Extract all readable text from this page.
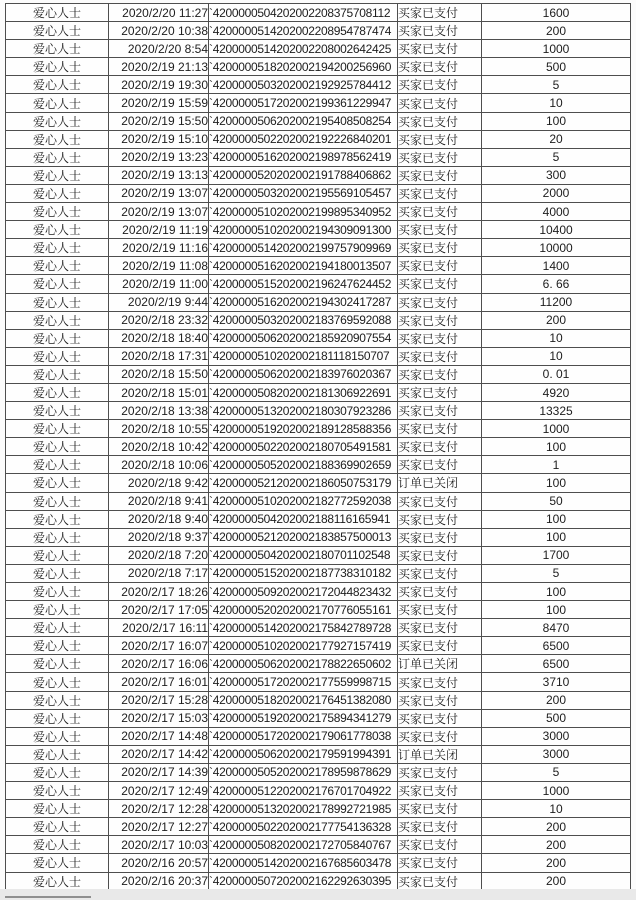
爱心人士	2020/2/20 11:27	`4200000504202002208375708112	买家已支付	1600
爱心人士	2020/2/20 10:38	`4200000514202002208954787474	买家已支付	200
爱心人士	2020/2/20 8:54	`4200000514202002208002642425	买家已支付	1000
爱心人士	2020/2/19 21:13	`4200000518202002194200256960	买家已支付	500
爱心人士	2020/2/19 19:30	`4200000503202002192925784412	买家已支付	5
爱心人士	2020/2/19 15:59	`4200000517202002199361229947	买家已支付	10
爱心人士	2020/2/19 15:50	`4200000506202002195408508254	买家已支付	100
爱心人士	2020/2/19 15:10	`4200000502202002192226840201	买家已支付	20
爱心人士	2020/2/19 13:23	`4200000516202002198978562419	买家已支付	5
爱心人士	2020/2/19 13:13	`4200000520202002191788406862	买家已支付	300
爱心人士	2020/2/19 13:07	`4200000503202002195569105457	买家已支付	2000
爱心人士	2020/2/19 13:07	`4200000510202002199895340952	买家已支付	4000
爱心人士	2020/2/19 11:19	`4200000510202002194309091300	买家已支付	10400
爱心人士	2020/2/19 11:16	`4200000514202002199757909969	买家已支付	10000
爱心人士	2020/2/19 11:08	`4200000516202002194180013507	买家已支付	1400
爱心人士	2020/2/19 11:00	`4200000515202002196247624452	买家已支付	6. 66
爱心人士	2020/2/19 9:44	`4200000516202002194302417287	买家已支付	11200
爱心人士	2020/2/18 23:32	`4200000503202002183769592088	买家已支付	200
爱心人士	2020/2/18 18:40	`4200000506202002185920907554	买家已支付	10
爱心人士	2020/2/18 17:31	`4200000510202002181118150707	买家已支付	10
爱心人士	2020/2/18 15:50	`4200000506202002183976020367	买家已支付	0. 01
爱心人士	2020/2/18 15:01	`4200000508202002181306922691	买家已支付	4920
爱心人士	2020/2/18 13:38	`4200000513202002180307923286	买家已支付	13325
爱心人士	2020/2/18 10:55	`4200000519202002189128588356	买家已支付	1000
爱心人士	2020/2/18 10:42	`4200000502202002180705491581	买家已支付	100
爱心人士	2020/2/18 10:06	`4200000505202002188369902659	买家已支付	1
爱心人士	2020/2/18 9:42	`4200000521202002186050753179	订单已关闭	100
爱心人士	2020/2/18 9:41	`4200000510202002182772592038	买家已支付	50
爱心人士	2020/2/18 9:40	`4200000504202002188116165941	买家已支付	100
爱心人士	2020/2/18 9:37	`4200000521202002183857500013	买家已支付	100
爱心人士	2020/2/18 7:20	`4200000504202002180701102548	买家已支付	1700
爱心人士	2020/2/18 7:17	`4200000515202002187738310182	买家已支付	5
爱心人士	2020/2/17 18:26	`4200000509202002172044823432	买家已支付	100
爱心人士	2020/2/17 17:05	`4200000520202002170776055161	买家已支付	100
爱心人士	2020/2/17 16:11	`4200000514202002175842789728	买家已支付	8470
爱心人士	2020/2/17 16:07	`4200000510202002177927157419	买家已支付	6500
爱心人士	2020/2/17 16:06	`4200000506202002178822650602	订单已关闭	6500
爱心人士	2020/2/17 16:01	`4200000517202002177559998715	买家已支付	3710
爱心人士	2020/2/17 15:28	`4200000518202002176451382080	买家已支付	200
爱心人士	2020/2/17 15:03	`4200000519202002175894341279	买家已支付	500
爱心人士	2020/2/17 14:48	`4200000517202002179061778038	买家已支付	3000
爱心人士	2020/2/17 14:42	`4200000506202002179591994391	订单已关闭	3000
爱心人士	2020/2/17 14:39	`4200000505202002178959878629	买家已支付	5
爱心人士	2020/2/17 12:49	`4200000512202002176701704922	买家已支付	1000
爱心人士	2020/2/17 12:28	`4200000513202002178992721985	买家已支付	10
爱心人士	2020/2/17 12:27	`4200000502202002177754136328	买家已支付	200
爱心人士	2020/2/17 10:03	`4200000508202002172705840767	买家已支付	200
爱心人士	2020/2/16 20:57	`4200000514202002167685603478	买家已支付	200
爱心人士	2020/2/16 20:37	`4200000507202002162292630395	买家已支付	200
